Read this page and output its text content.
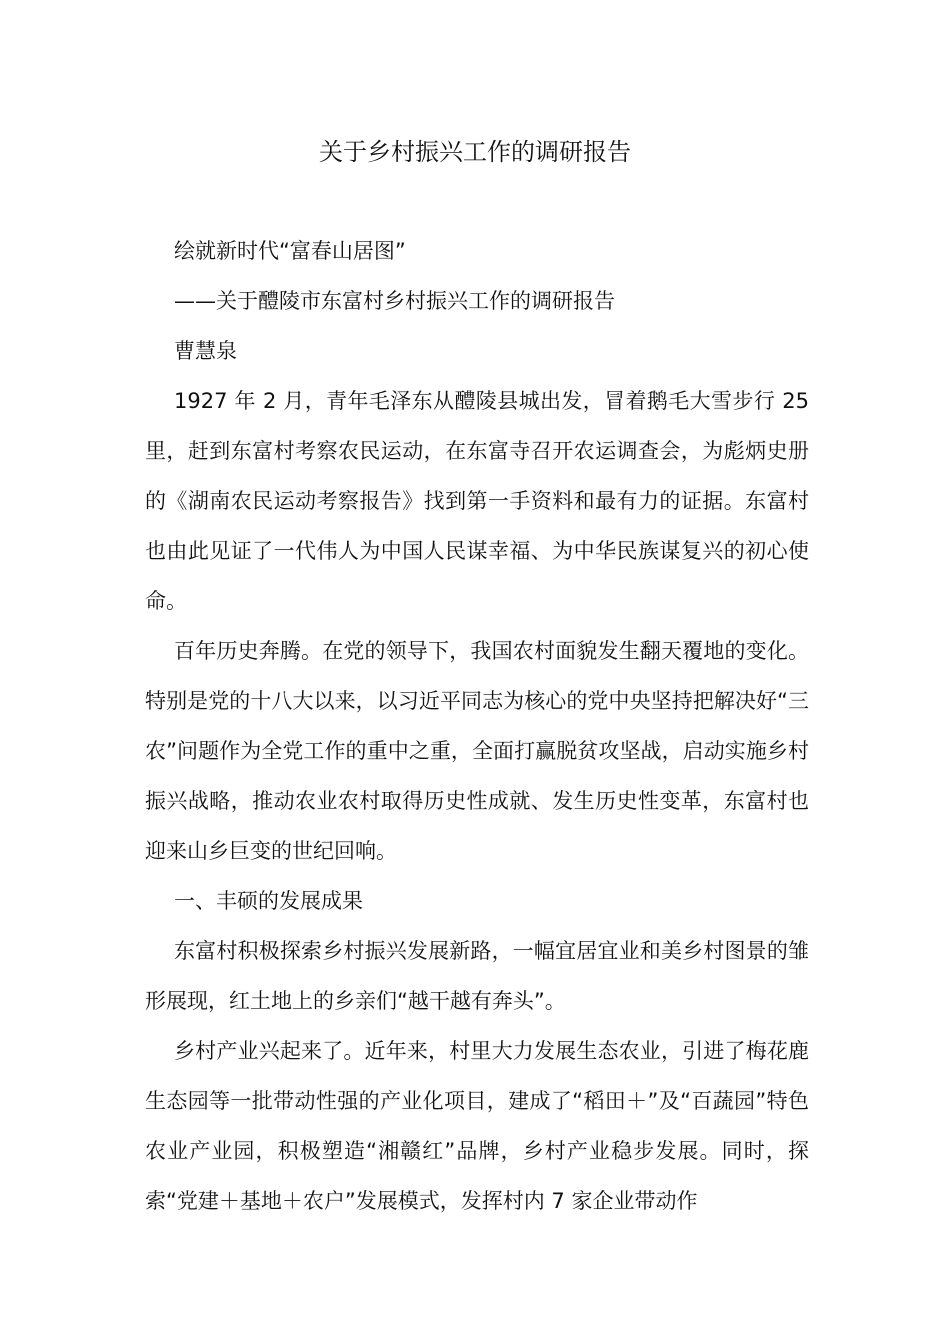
关于乡村振兴工作的调研报告

绘就新时代“富春山居图”

——关于醴陵市东富村乡村振兴工作的调研报告

曹慧泉

1927 年 2 月，青年毛泽东从醴陵县城出发，冒着鹅毛大雪步行 25 里，赶到东富村考察农民运动，在东富寺召开农运调查会，为彪炳史册的《湖南农民运动考察报告》找到第一手资料和最有力的证据。东富村也由此见证了一代伟人为中国人民谋幸福、为中华民族谋复兴的初心使命。

百年历史奔腾。在党的领导下，我国农村面貌发生翻天覆地的变化。特别是党的十八大以来，以习近平同志为核心的党中央坚持把解决好“三农”问题作为全党工作的重中之重，全面打赢脱贫攻坚战，启动实施乡村振兴战略，推动农业农村取得历史性成就、发生历史性变革，东富村也迎来山乡巨变的世纪回响。

一、丰硕的发展成果

东富村积极探索乡村振兴发展新路，一幅宜居宜业和美乡村图景的雏形展现，红土地上的乡亲们“越干越有奔头”。

乡村产业兴起来了。近年来，村里大力发展生态农业，引进了梅花鹿生态园等一批带动性强的产业化项目，建成了“稻田＋”及“百蔬园”特色农业产业园，积极塑造“湘赣红”品牌，乡村产业稳步发展。同时，探索“党建＋基地＋农户”发展模式，发挥村内 7 家企业带动作
